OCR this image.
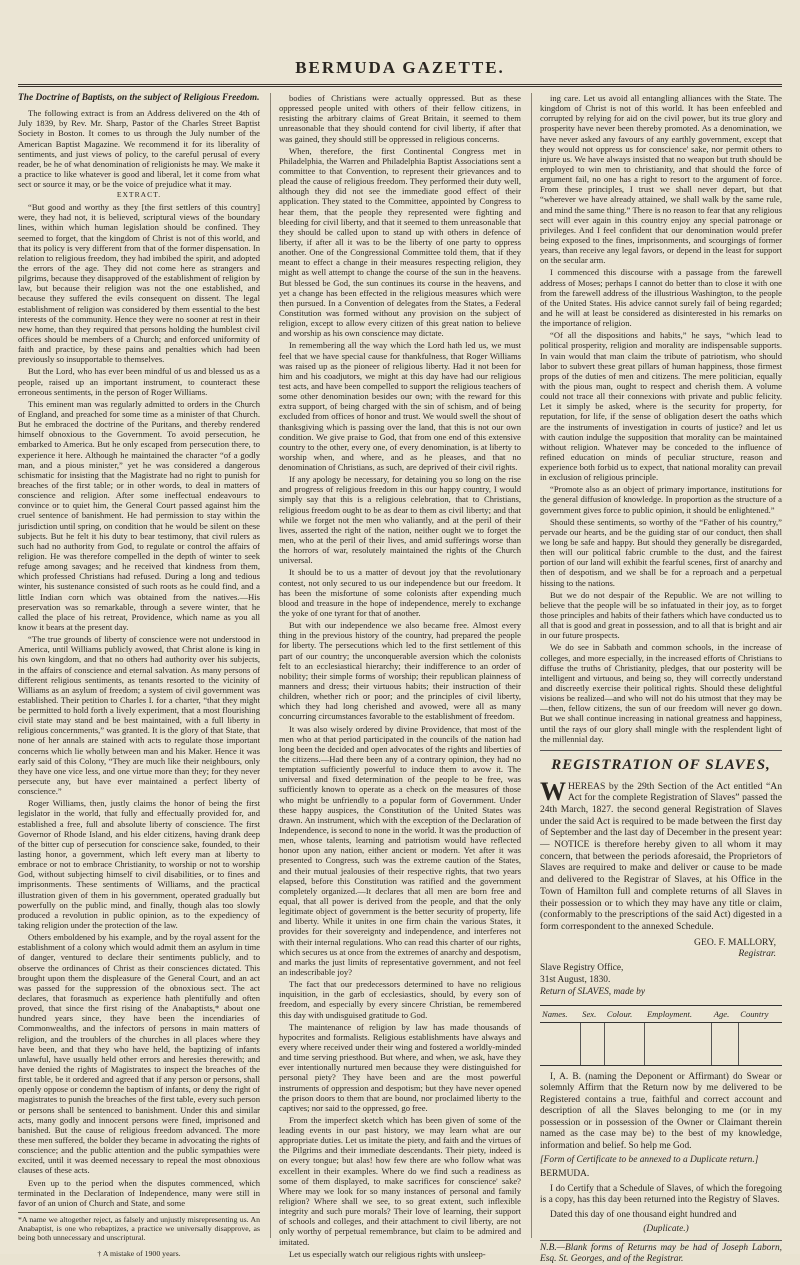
BERMUDA GAZETTE.
The Doctrine of Baptists, on the subject of Religious Freedom.

The following extract is from an Address delivered on the 4th of July 1839, by Rev. Mr. Sharp, Pastor of the Charles Street Baptist Society in Boston. It comes to us through the July number of the American Baptist Magazine. We recommend it for its liberality of sentiments, and just views of policy, to the careful perusal of every reader, be he of what denomination of religionists he may. We make it a practice to like whatever is good and liberal, let it come from what sect or source it may, or be the voice of prejudice what it may.

EXTRACT.

“But good and worthy as they [the first settlers of this country] were, they had not, it is believed, scriptural views of the boundary lines, within which human legislation should be confined. They seemed to forget, that the kingdom of Christ is not of this world, and that its policy is very different from that of the former dispensation. In relation to religious freedom, they had imbibed the spirit, and adopted the errors of the age. They did not come here as strangers and pilgrims, because they disapproved of the establishment of religion by law, but because their religion was not the one established, and because they suffered the evils consequent on dissent. The legal establishment of religion was considered by them essential to the best interests of the community. Hence they were no sooner at rest in their new home, than they required that persons holding the humblest civil offices should be members of a Church; and enforced uniformity of faith and practice, by these pains and penalties which had been previously so insupportable to themselves.

But the Lord, who has ever been mindful of us and blessed us as a people, raised up an important instrument, to counteract these erroneous sentiments, in the person of Roger Williams.

This eminent man was regularly admitted to orders in the Church of England, and preached for some time as a minister of that Church. But he embraced the doctrine of the Puritans, and thereby rendered himself obnoxious to the Government. To avoid persecution, he embarked to America. But he only escaped from persecution there, to experience it here. Although he maintained the character “of a godly man, and a pious minister,” yet he was considered a dangerous schismatic for insisting that the Magistrate had no right to punish for breaches of the first table; or in other words, to deal in matters of conscience and religion. After some ineffectual endeavours to convince or to quiet him, the General Court passed against him the cruel sentence of banishment. He had permission to stay within the jurisdiction until spring, on condition that he would be silent on these subjects. But he felt it his duty to bear testimony, that civil rulers as such had no authority from God, to regulate or control the affairs of religion. He was therefore compelled in the depth of winter to seek refuge among savages; and he received that kindness from them, which professed Christians had refused. During a long and tedious winter, his sustenance consisted of such roots as he could find, and a little Indian corn which was obtained from the natives.—His preservation was so remarkable, through a severe winter, that he called the place of his retreat, Providence, which name as you all know it bears at the present day.

“The true grounds of liberty of conscience were not understood in America, until Williams publicly avowed, that Christ alone is king in his own kingdom, and that no others had authority over his subjects, in the affairs of conscience and eternal salvation. As many persons of different religious sentiments, as tenants resorted to the vicinity of Williams as an asylum of freedom; a system of civil government was established. Their petition to Charles I. for a charter, “that they might be permitted to hold forth a lively experiment, that a most flourishing civil state may stand and be best maintained, with a full liberty in religious concernments,” was granted. It is the glory of that State, that none of her annals are stained with acts to regulate those important concerns which lie wholly between man and his Maker. Hence it was early said of this Colony, “They are much like their neighbours, only they have one vice less, and one virtue more than they; for they never persecute any, but have ever maintained a perfect liberty of conscience.”

Roger Williams, then, justly claims the honor of being the first legislator in the world, that fully and effectually provided for, and established a free, full and absolute liberty of conscience. The first Governor of Rhode Island, and his elder citizens, having drank deep of the bitter cup of persecution for conscience sake, founded, to their lasting honor, a government, which left every man at liberty to embrace or not to embrace Christianity, to worship or not to worship God, without subjecting himself to civil disabilities, or to fines and imprisonments. These sentiments of Williams, and the practical illustration given of them in his government, operated gradually but powerfully on the public mind, and finally, though alas too slowly produced a revolution in public opinion, as to the expediency of taking religion under the protection of the law.

Others emboldened by his example, and by the royal assent for the establishment of a colony which would admit them an asylum in time of danger, ventured to declare their sentiments publicly, and to observe the ordinances of Christ as their consciences dictated. This brought upon them the displeasure of the General Court, and an act was passed for the suppression of the obnoxious sect. The act declares, that forasmuch as experience hath plentifully and often proved, that since the first rising of the Anabaptists,* about one hundred years since, they have been the incendiaries of Commonwealths, and the infectors of persons in main matters of religion, and the troublers of the churches in all places where they have been, and that they who have held, the baptizing of infants unlawful, have usually held other errors and heresies therewith; and have denied the rights of Magistrates to inspect the breaches of the first table, be it ordered and agreed that if any person or persons, shall openly oppose or condemn the baptism of infants, or deny the right of magistrates to punish the breaches of the first table, every such person or persons shall be sentenced to banishment. Under this and similar acts, many godly and innocent persons were fined, imprisoned and banished. But the cause of religious freedom advanced. The more these men suffered, the bolder they became in advocating the rights of conscience; and the public attention and the public sympathies were excited, until it was deemed necessary to repeal the most obnoxious clauses of these acts.

Even up to the period when the disputes commenced, which terminated in the Declaration of Independence, many were still in favor of an union of Church and State, and some

*A name we altogether reject, as falsely and unjustly misrepresenting us. An Anabaptist, is one who rebaptizes, a practice we universally disapprove, as being both unnecessary and unscriptural.
† A mistake of 1900 years.

bodies of Christians were actually oppressed. But as these oppressed people united with others of their fellow citizens, in resisting the arbitrary claims of Great Britain, it seemed to them unreasonable that they should contend for civil liberty, if after that was gained, they should still be oppressed in religious concerns.

When, therefore, the first Continental Congress met in Philadelphia, the Warren and Philadelphia Baptist Associations sent a committee to that Convention, to represent their grievances and to plead the cause of religious freedom. They performed their duty well, although they did not see the immediate good effect of their application. They stated to the Committee, appointed by Congress to hear them, that the people they represented were fighting and bleeding for civil liberty, and that it seemed to them unreasonable that they should be called upon to stand up with others in defence of liberty, if after all it was to be the liberty of one party to oppress another. One of the Congressional Committee told them, that if they meant to effect a change in their measures respecting religion, they might as well attempt to change the course of the sun in the heavens. But blessed be God, the sun continues its course in the heavens, and yet a change has been effected in the religious measures which were then pursued. In a Convention of delegates from the States, a Federal Constitution was formed without any provision on the subject of religion, except to allow every citizen of this great nation to believe and worship as his own conscience may dictate.

In remembering all the way which the Lord hath led us, we must feel that we have special cause for thankfulness, that Roger Williams was raised up as the pioneer of religious liberty. Had it not been for him and his coadjutors, we might at this day have had our religious test acts, and have been compelled to support the religious teachers of some other denomination besides our own; with the reward for this extra support, of being charged with the sin of schism, and of being excluded from offices of honor and trust. We would swell the shout of thanksgiving which is passing over the land, that this is not our own condition. We give praise to God, that from one end of this extensive country to the other, every one, of every denomination, is at liberty to worship when, and where, and as he pleases, and that no denomination of Christians, as such, are deprived of their civil rights.

If any apology be necessary, for detaining you so long on the rise and progress of religious freedom in this our happy country, I would simply say that this is a religious celebration, that to Christians, religious freedom ought to be as dear to them as civil liberty; and that while we forget not the men who valiantly, and at the peril of their lives, asserted the right of the nation, neither ought we to forget the men, who at the peril of their lives, and amid sufferings worse than the horrors of war, resolutely maintained the rights of the Church universal.

It should be to us a matter of devout joy that the revolutionary contest, not only secured to us our independence but our freedom. It has been the misfortune of some colonists after expending much blood and treasure in the hope of independence, merely to exchange the yoke of one tyrant for that of another.

But with our independence we also became free. Almost every thing in the previous history of the country, had prepared the people for liberty. The persecutions which led to the first settlement of this part of our country; the unconquerable aversion which the colonists felt to an ecclesiastical hierarchy; their indifference to an order of nobility; their simple forms of worship; their republican plainness of manners and dress; their virtuous habits; their instruction of their children, whether rich or poor; and the principles of civil liberty, which they had long cherished and avowed, were all as many concurring circumstances favorable to the establishment of freedom.

It was also wisely ordered by divine Providence, that most of the men who at that period participated in the councils of the nation had long been the decided and open advocates of the rights and liberties of the citizens.—Had there been any of a contrary opinion, they had no temptation sufficiently powerful to induce them to avow it. The universal and fixed determination of the people to be free, was sufficiently known to operate as a check on the measures of those who might be unfriendly to a popular form of Government. Under these happy auspices, the Constitution of the United States was drawn. An instrument, which with the exception of the Declaration of Independence, is second to none in the world. It was the production of men, whose talents, learning and patriotism would have reflected honor upon any nation, either ancient or modern. Yet after it was presented to Congress, such was the extreme caution of the States, and their mutual jealousies of their respective rights, that two years elapsed, before this Constitution was ratified and the government completely organized.—It declares that all men are born free and equal, that all power is derived from the people, and that the only legitimate object of government is the better security of property, life and liberty. While it unites in one firm chain the various States, it provides for their sovereignty and independence, and interferes not with their internal regulations. Who can read this charter of our rights, which secures us at once from the extremes of anarchy and despotism, and marks the just limits of representative government, and not feel an indescribable joy?

The fact that our predecessors determined to have no religious inquisition, in the garb of ecclesiastics, should, by every son of freedom, and especially by every sincere Christian, be remembered this day with undisguised gratitude to God.

The maintenance of religion by law has made thousands of hypocrites and formalists. Religious establishments have always and every where received under their wing and fostered a worldly-minded and time serving priesthood. But where, and when, we ask, have they ever intentionally nurtured men because they were distinguished for personal piety? They have been and are the most powerful instruments of oppression and despotism; but they have never opened the prison doors to them that are bound, nor proclaimed liberty to the captives; nor said to the oppressed, go free.

From the imperfect sketch which has been given of some of the leading events in our past history, we may learn what are our appropriate duties. Let us imitate the piety, and faith and the virtues of the Pilgrims and their immediate descendants. Their piety, indeed is on every tongue; but alas! how few there are who follow what was excellent in their examples. Where do we find such a readiness as some of them displayed, to make sacrifices for conscience' sake? Where may we look for so many instances of personal and family religion? Where shall we see, to so great extent, such inflexible integrity and such pure morals? Their love of learning, their support of schools and colleges, and their attachment to civil liberty, are not only worthy of perpetual remembrance, but claim to be admired and imitated.

Let us especially watch our religious rights with unsleep-

ing care. Let us avoid all entangling alliances with the State. The kingdom of Christ is not of this world. It has been enfeebled and corrupted by relying for aid on the civil power, but its true glory and prosperity have never been thereby promoted. As a denomination, we have never asked any favours of any earthly government, except that they would not oppress us for conscience' sake, nor permit others to injure us. We have always insisted that no weapon but truth should be employed to win men to christianity, and that should the force of argument fail, no one has a right to resort to the argument of force. From these principles, I trust we shall never depart, but that “wherever we have already attained, we shall walk by the same rule, and mind the same thing.” There is no reason to fear that any religious sect will ever again in this country enjoy any special patronage or privileges. And I feel confident that our denomination would prefer being exposed to the fines, imprisonments, and scourgings of former years, than receive any legal favors, or depend in the least for support on the secular arm.

I commenced this discourse with a passage from the farewell address of Moses; perhaps I cannot do better than to close it with one from the farewell address of the illustrious Washington, to the people of the United States. His advice cannot surely fail of being regarded; and he will at least be considered as disinterested in his remarks on the importance of religion.

“Of all the dispositions and habits,” he says, “which lead to political prosperity, religion and morality are indispensable supports. In vain would that man claim the tribute of patriotism, who should labor to subvert these great pillars of human happiness, those firmest props of the duties of men and citizens. The mere politician, equally with the pious man, ought to respect and cherish them. A volume could not trace all their connexions with private and public felicity. Let it simply be asked, where is the security for property, for reputation, for life, if the sense of obligation desert the oaths which are the instruments of investigation in courts of justice? and let us with caution indulge the supposition that morality can be maintained without religion. Whatever may be conceded to the influence of refined education on minds of peculiar structure, reason and experience both forbid us to expect, that national morality can prevail in exclusion of religious principle.

“Promote also as an object of primary importance, institutions for the general diffusion of knowledge. In proportion as the structure of a government gives force to public opinion, it should be enlightened.”

Should these sentiments, so worthy of the “Father of his country,” pervade our hearts, and be the guiding star of our conduct, then shall we long be safe and happy. But should they generally be disregarded, then will our political fabric crumble to the dust, and the fairest portion of our land will exhibit the fearful scenes, first of anarchy and then of despotism, and we shall be for a reproach and a perpetual hissing to the nations.

But we do not despair of the Republic. We are not willing to believe that the people will be so infatuated in their joy, as to forget those principles and habits of their fathers which have conducted us to all that is good and great in possession, and to all that is bright and air in our future prospects.

We do see in Sabbath and common schools, in the increase of colleges, and more especially, in the increased efforts of Christians to diffuse the truths of Christianity, pledges, that our posterity will be intelligent and virtuous, and being so, they will correctly understand and discreetly exercise their political rights. Should these delightful visions be realized—and who will not do his utmost that they may be—then, fellow citizens, the sun of our freedom will never go down. But we shall continue increasing in national greatness and happiness, until the rays of our glory shall mingle with the resplendent light of the millennial day.

REGISTRATION OF SLAVES,
WHEREAS by the 29th Section of the Act entitled “An Act for the complete Registration of Slaves” passed the 24th March, 1827. the second general Registration of Slaves under the said Act is required to be made between the first day of September and the last day of December in the present year:— NOTICE is therefore hereby given to all whom it may concern, that between the periods aforesaid, the Proprietors of Slaves are required to make and deliver or cause to be made and delivered to the Registrar of Slaves, at his Office in the Town of Hamilton full and complete returns of all Slaves in their possession or to which they may have any title or claim, (conformably to the prescriptions of the said Act) digested in a form correspondent to the annexed Schedule.
GEO. F. MALLORY,
Registrar.
Slave Registry Office,
31st August, 1830.
Return of SLAVES, made by
Names.	Sex.	Colour.	Employment.	Age.	Country

I, A. B. (naming the Deponent or Affirmant) do Swear or solemnly Affirm that the Return now by me delivered to be Registered contains a true, faithful and correct account and description of all the Slaves belonging to me (or in my possession or in possession of the Owner or Claimant therein named as the case may be) to the best of my knowledge, information and belief. So help me God.

[Form of Certificate to be annexed to a Duplicate return.]

BERMUDA.

I do Certify that a Schedule of Slaves, of which the foregoing is a copy, has this day been returned into the Registry of Slaves.

Dated this day of one thousand eight hundred and

(Duplicate.)

N.B.—Blank forms of Returns may be had of Joseph Laborn, Esq. St. Georges, and of the Registrar.
